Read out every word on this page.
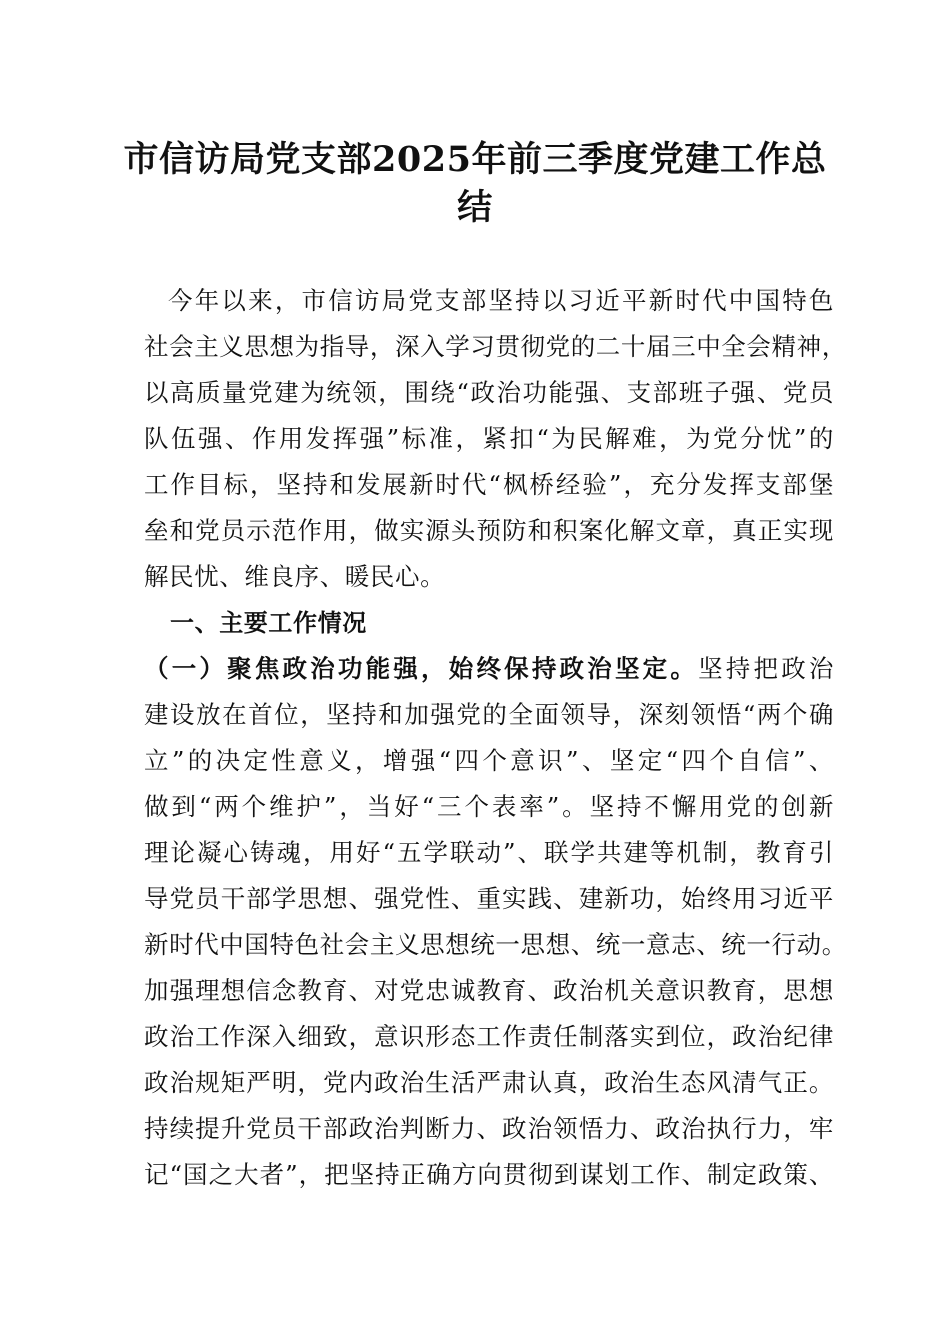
市信访局党支部2025年前三季度党建工作总
结
今年以来，市信访局党支部坚持以习近平新时代中国特色
社会主义思想为指导，深入学习贯彻党的二十届三中全会精神，
以高质量党建为统领，围绕“政治功能强、支部班子强、党员
队伍强、作用发挥强”标准，紧扣“为民解难，为党分忧”的
工作目标，坚持和发展新时代“枫桥经验”，充分发挥支部堡
垒和党员示范作用，做实源头预防和积案化解文章，真正实现
解民忧、维良序、暖民心。
一、主要工作情况
（一）聚焦政治功能强，始终保持政治坚定。坚持把政治
建设放在首位，坚持和加强党的全面领导，深刻领悟“两个确
立”的决定性意义，增强“四个意识”、坚定“四个自信”、
做到“两个维护”，当好“三个表率”。坚持不懈用党的创新
理论凝心铸魂，用好“五学联动”、联学共建等机制，教育引
导党员干部学思想、强党性、重实践、建新功，始终用习近平
新时代中国特色社会主义思想统一思想、统一意志、统一行动。
加强理想信念教育、对党忠诚教育、政治机关意识教育，思想
政治工作深入细致，意识形态工作责任制落实到位，政治纪律
政治规矩严明，党内政治生活严肃认真，政治生态风清气正。
持续提升党员干部政治判断力、政治领悟力、政治执行力，牢
记“国之大者”，把坚持正确方向贯彻到谋划工作、制定政策、
